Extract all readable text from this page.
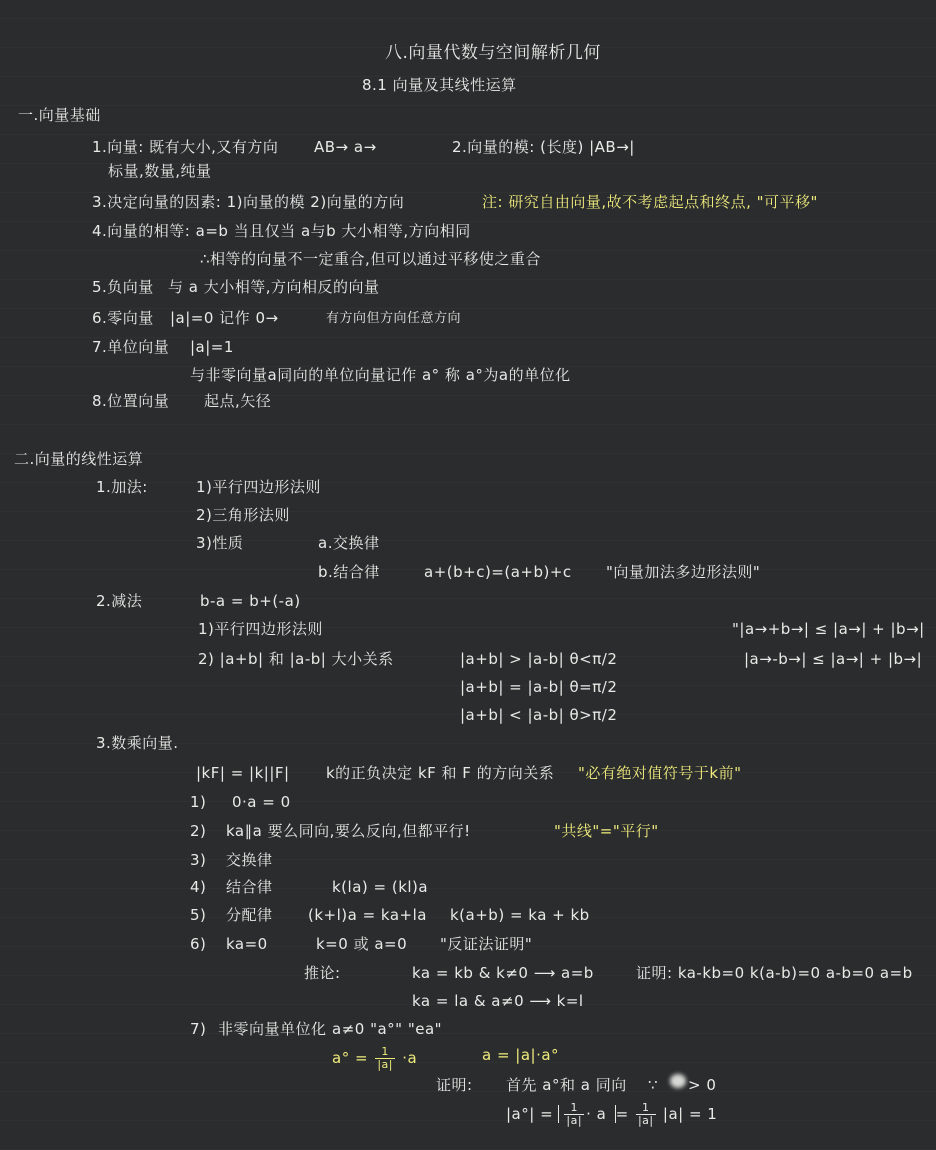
八.向量代数与空间解析几何
8.1 向量及其线性运算
一.向量基础
1.向量: 既有大小,又有方向 AB→ a→	2.向量的模: (长度) |AB→|
标量,数量,纯量
3.决定向量的因素: 1)向量的模 2)向量的方向	注: 研究自由向量,故不考虑起点和终点, "可平移"
4.向量的相等: a=b 当且仅当 a与b 大小相等,方向相同
∴相等的向量不一定重合,但可以通过平移使之重合
5.负向量 与 a 大小相等,方向相反的向量
6.零向量 |a|=0 记作 0→	有方向但方向任意方向
7.单位向量 |a|=1
与非零向量a同向的单位向量记作 a° 称 a°为a的单位化
8.位置向量 起点,矢径
二.向量的线性运算
1.加法:	1)平行四边形法则
2)三角形法则
3)性质	a.交换律
b.结合律	a+(b+c)=(a+b)+c "向量加法多边形法则"
2.减法	b-a = b+(-a)
1)平行四边形法则
2) |a+b| 和 |a-b| 大小关系	|a+b| > |a-b| θ<π/2
|a+b| = |a-b| θ=π/2
|a+b| < |a-b| θ>π/2
"|a→+b→| ≤ |a→| + |b→|
|a→-b→| ≤ |a→| + |b→|
3.数乘向量.
|kF| = |k||F| k的正负决定 kF 和 F 的方向关系 "必有绝对值符号于k前"
1) 0·a = 0
2) ka∥a 要么同向,要么反向,但都平行!	"共线"="平行"
3) 交换律
4) 结合律	k(la) = (kl)a
5) 分配律 (k+l)a = ka+la k(a+b) = ka + kb
6) ka=0	k=0 或 a=0 "反证法证明"
推论:	ka = kb & k≠0 ⟶ a=b	证明: ka-kb=0 k(a-b)=0 a-b=0 a=b
ka = la & a≠0 ⟶ k=l
7) 非零向量单位化 a≠0 "a°" "ea"
$a^\circ = \frac{1}{|a|} \cdot a$	a = |a|·a°
证明: 首先 a°和 a 同向 ∵ > 0
$|a^\circ| = \frac{1}{|a|} \cdot a = \frac{1}{|a|} |a| = 1$
